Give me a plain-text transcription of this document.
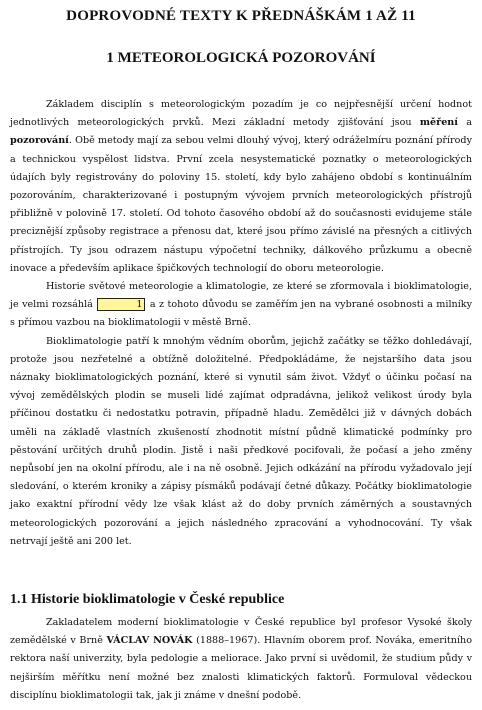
DOPROVODNÉ TEXTY K PŘEDNÁŠKÁM 1 AŽ 11
1 METEOROLOGICKÁ POZOROVÁNÍ

Základem disciplín s meteorologickým pozadím je co nejpřesnější určení hodnot jednotlivých meteorologických prvků. Mezi základní metody zjišťování jsou měření a pozorování. Obě metody mají za sebou velmi dlouhý vývoj, který odráželmíru poznání přírody a technickou vyspělost lidstva. První zcela nesystematické poznatky o meteorologických údajích byly registrovány do poloviny 15. století, kdy bylo zahájeno období s kontinuálním pozorováním, charakterizované i postupným vývojem prvních meteorologických přístrojů přibližně v polovině 17. století. Od tohoto časového období až do současnosti evidujeme stále preciznější způsoby registrace a přenosu dat, které jsou přímo závislé na přesných a citlivých přístrojích. Ty jsou odrazem nástupu výpočetní techniky, dálkového průzkumu a obecně inovace a především aplikace špičkových technologií do oboru meteorologie.

Historie světové meteorologie a klimatologie, ze které se zformovala i bioklimatologie, je velmi rozsáhlá	1 a z tohoto důvodu se zaměřím jen na vybrané osobnosti a milníky s přímou vazbou na bioklimatologii v městě Brně.

Bioklimatologie patří k mnohým vědním oborům, jejichž začátky se těžko dohledávají, protože jsou nezřetelné a obtížně doložitelné. Předpokládáme, že nejstaršího data jsou náznaky bioklimatologických poznání, které si vynutil sám život. Vždyť o účinku počasí na vývoj zemědělských plodin se museli lidé zajímat odpradávna, jelikož velikost úrody byla příčinou dostatku či nedostatku potravin, případně hladu. Zemědělci již v dávných dobách uměli na základě vlastních zkušeností zhodnotit místní půdně klimatické podmínky pro pěstování určitých druhů plodin. Jistě i naši předkové pocifovali, že počasí a jeho změny nepůsobí jen na okolní přírodu, ale i na ně osobně. Jejich odkázání na přírodu vyžadovalo její sledování, o kterém kroniky a zápisy písmáků podávají četné důkazy. Počátky bioklimatologie jako exaktní přírodní vědy lze však klást až do doby prvních záměrných a soustavných meteorologických pozorování a jejich následného zpracování a vyhodnocování. Ty však netrvají ještě ani 200 let.

1.1 Historie bioklimatologie v České republice

Zakladatelem moderní bioklimatologie v České republice byl profesor Vysoké školy zemědělské v Brně VÁCLAV NOVÁK (1888–1967). Hlavním oborem prof. Nováka, emeritního rektora naší univerzity, byla pedologie a meliorace. Jako první si uvědomil, že studium půdy v nejširším měřítku není možné bez znalosti klimatických faktorů. Formuloval vědeckou disciplínu bioklimatologii tak, jak ji známe v dnešní podobě.
